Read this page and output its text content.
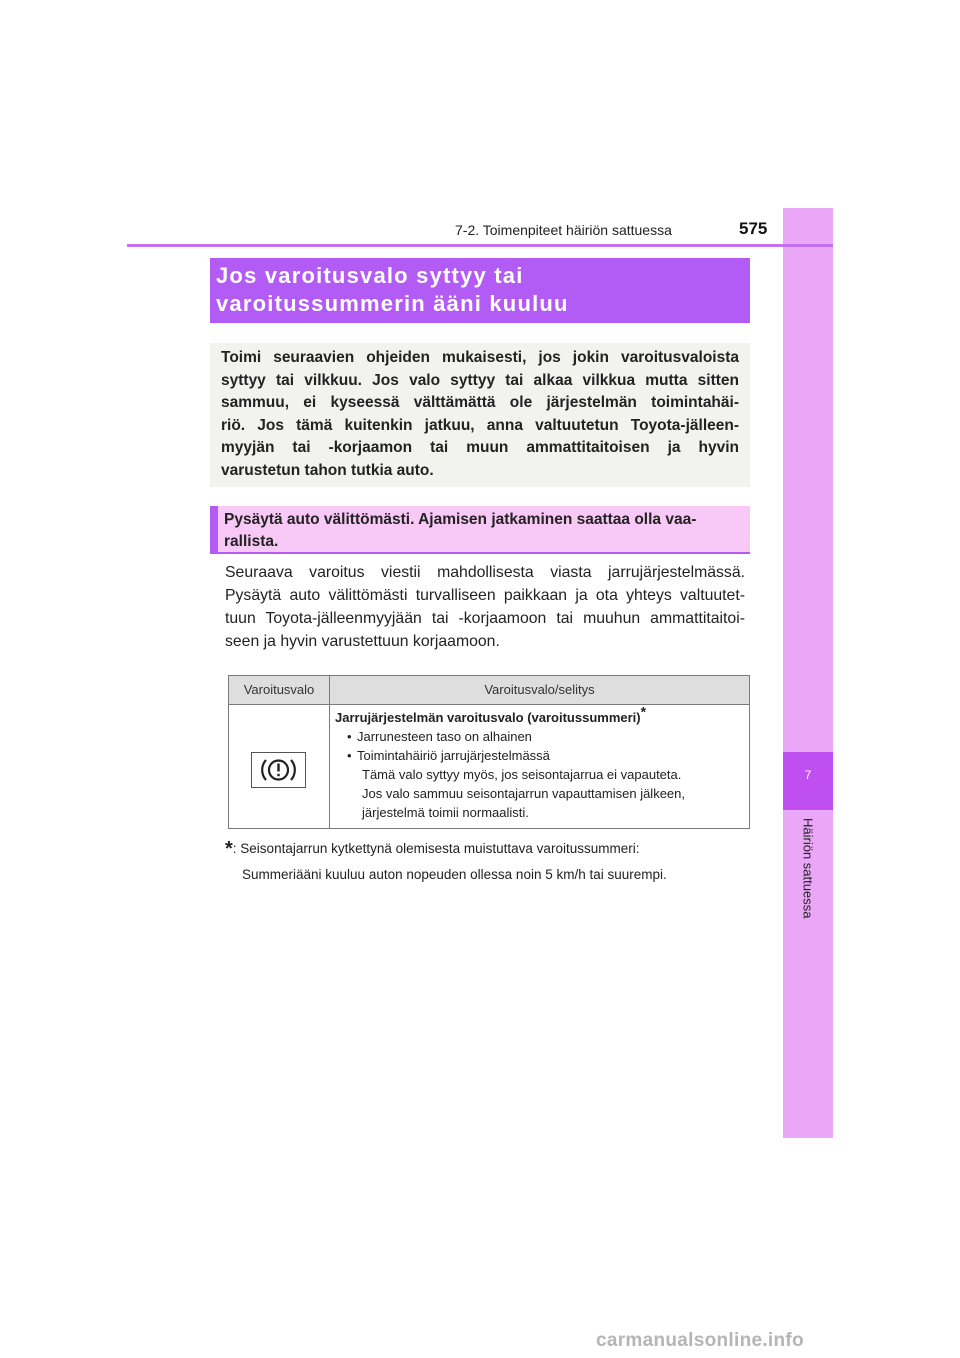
7
Häiriön sattuessa
7-2. Toimenpiteet häiriön sattuessa	575
Jos varoitusvalo syttyy tai
varoitussummerin ääni kuuluu
Toimi seuraavien ohjeiden mukaisesti, jos jokin varoitusvaloista
syttyy tai vilkkuu. Jos valo syttyy tai alkaa vilkkua mutta sitten
sammuu, ei kyseessä välttämättä ole järjestelmän toimintahäi-
riö. Jos tämä kuitenkin jatkuu, anna valtuutetun Toyota-jälleen-
myyjän tai -korjaamon tai muun ammattitaitoisen ja hyvin
varustetun tahon tutkia auto.
Pysäytä auto välittömästi. Ajamisen jatkaminen saattaa olla vaa-
rallista.
Seuraava varoitus viestii mahdollisesta viasta jarrujärjestelmässä.
Pysäytä auto välittömästi turvalliseen paikkaan ja ota yhteys valtuutet-
tuun Toyota-jälleenmyyjään tai -korjaamoon tai muuhun ammattitaitoi-
seen ja hyvin varustettuun korjaamoon.
Varoitusvalo	Varoitusvalo/selitys
Jarrujärjestelmän varoitusvalo (varoitussummeri)*
• Jarrunesteen taso on alhainen
• Toimintahäiriö jarrujärjestelmässä
Tämä valo syttyy myös, jos seisontajarrua ei vapauteta.
Jos valo sammuu seisontajarrun vapauttamisen jälkeen,
järjestelmä toimii normaalisti.
*: Seisontajarrun kytkettynä olemisesta muistuttava varoitussummeri:
Summeriääni kuuluu auton nopeuden ollessa noin 5 km/h tai suurempi.
carmanualsonline.info
